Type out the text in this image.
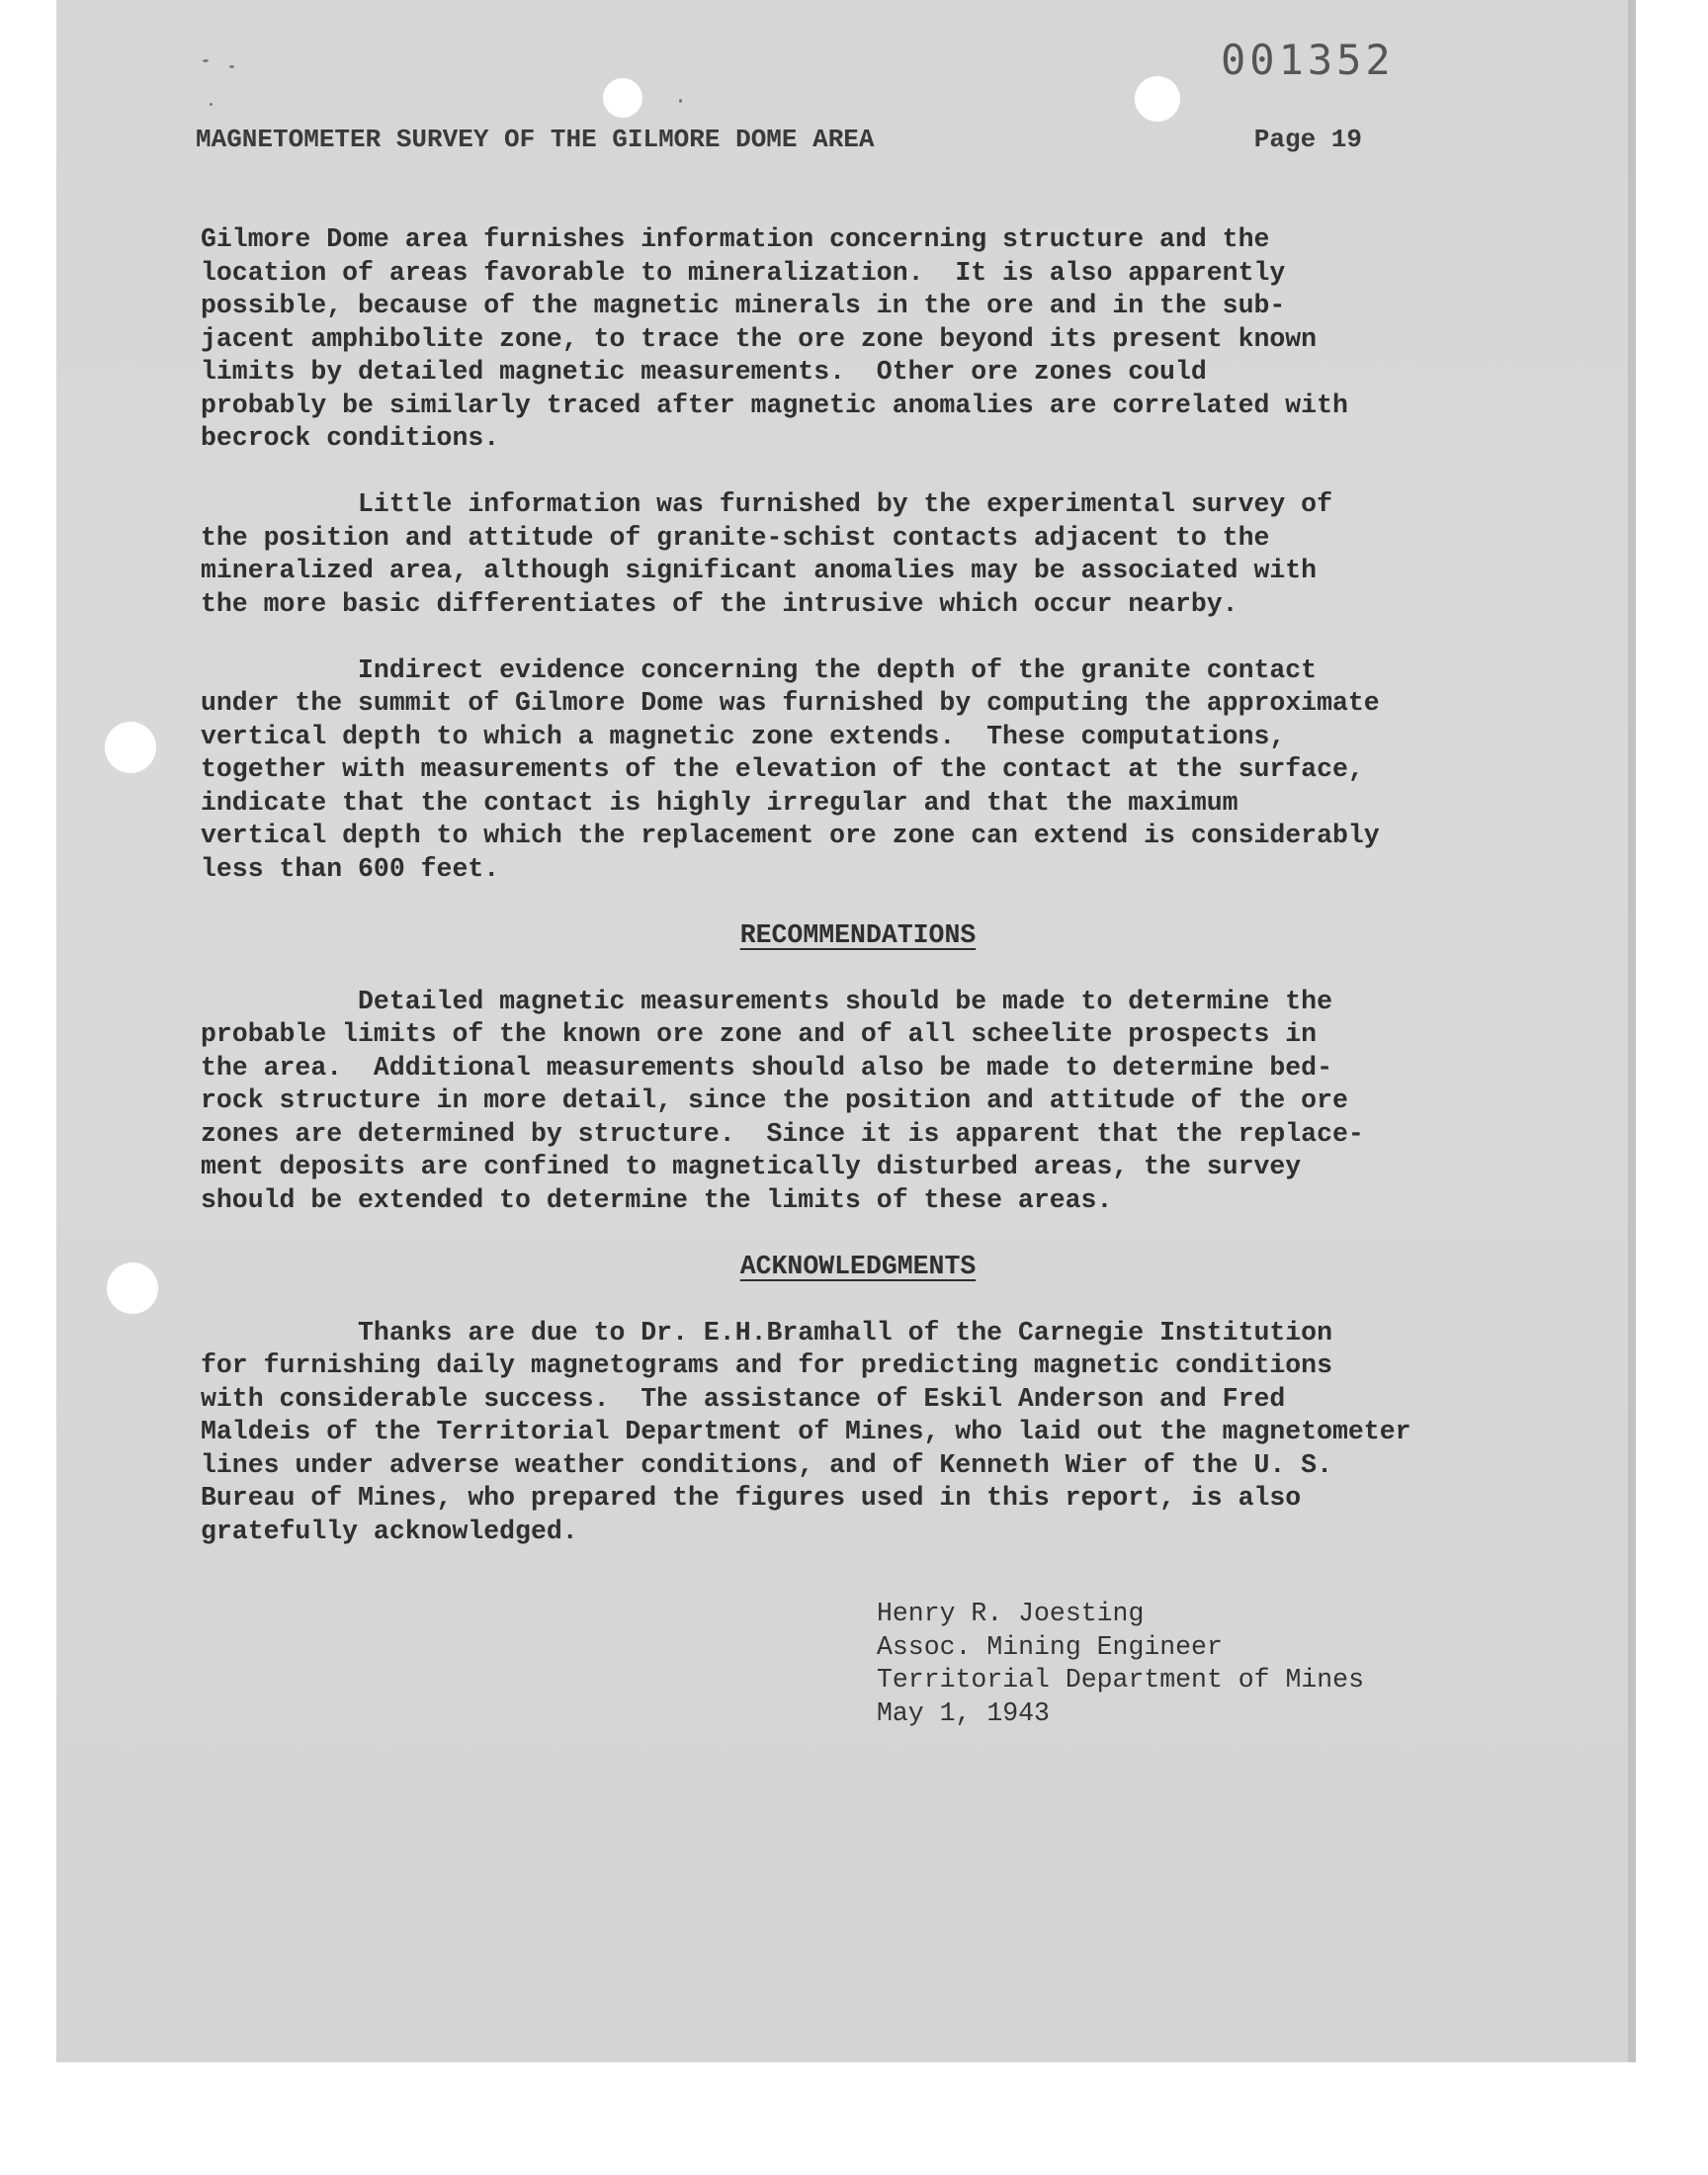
001352
MAGNETOMETER SURVEY OF THE GILMORE DOME AREA	Page 19

Gilmore Dome area furnishes information concerning structure and the
location of areas favorable to mineralization.  It is also apparently
possible, because of the magnetic minerals in the ore and in the sub-
jacent amphibolite zone, to trace the ore zone beyond its present known
limits by detailed magnetic measurements.  Other ore zones could
probably be similarly traced after magnetic anomalies are correlated with
becrock conditions.

Little information was furnished by the experimental survey of
the position and attitude of granite-schist contacts adjacent to the
mineralized area, although significant anomalies may be associated with
the more basic differentiates of the intrusive which occur nearby.

Indirect evidence concerning the depth of the granite contact
under the summit of Gilmore Dome was furnished by computing the approximate
vertical depth to which a magnetic zone extends.  These computations,
together with measurements of the elevation of the contact at the surface,
indicate that the contact is highly irregular and that the maximum
vertical depth to which the replacement ore zone can extend is considerably
less than 600 feet.

RECOMMENDATIONS

Detailed magnetic measurements should be made to determine the
probable limits of the known ore zone and of all scheelite prospects in
the area.  Additional measurements should also be made to determine bed-
rock structure in more detail, since the position and attitude of the ore
zones are determined by structure.  Since it is apparent that the replace-
ment deposits are confined to magnetically disturbed areas, the survey
should be extended to determine the limits of these areas.

ACKNOWLEDGMENTS

Thanks are due to Dr. E.H.Bramhall of the Carnegie Institution
for furnishing daily magnetograms and for predicting magnetic conditions
with considerable success.  The assistance of Eskil Anderson and Fred
Maldeis of the Territorial Department of Mines, who laid out the magnetometer
lines under adverse weather conditions, and of Kenneth Wier of the U. S.
Bureau of Mines, who prepared the figures used in this report, is also
gratefully acknowledged.

Henry R. Joesting
Assoc. Mining Engineer
Territorial Department of Mines
May 1, 1943
